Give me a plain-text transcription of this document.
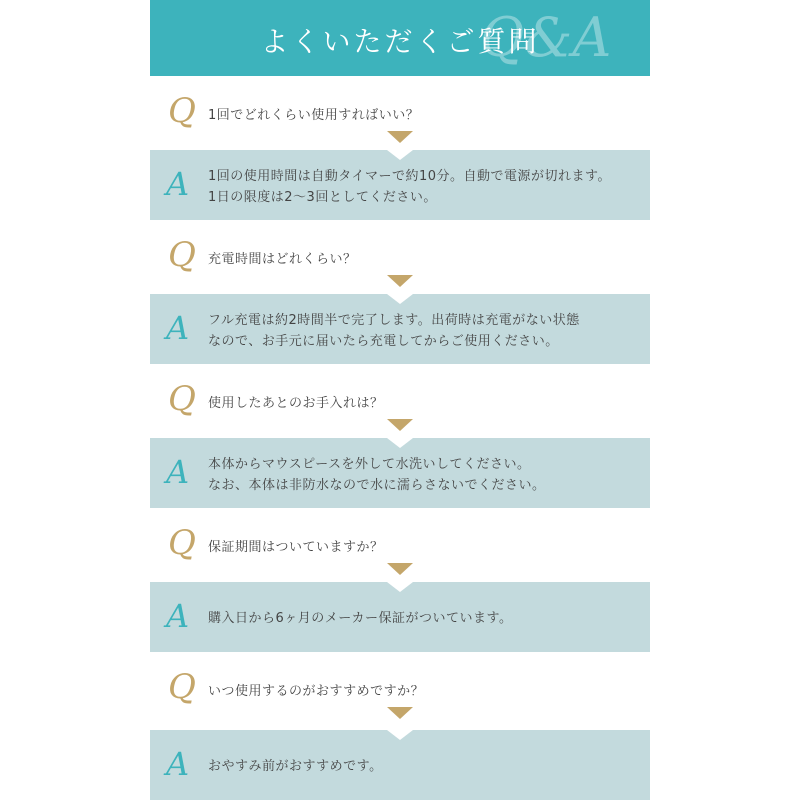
Q&A
よくいただくご質問
Q 1回でどれくらい使用すればいい？
A 1回の使用時間は自動タイマーで約10分。自動で電源が切れます。
1日の限度は2〜3回としてください。
Q 充電時間はどれくらい？
A フル充電は約2時間半で完了します。出荷時は充電がない状態
なので、お手元に届いたら充電してからご使用ください。
Q 使用したあとのお手入れは？
A 本体からマウスピースを外して水洗いしてください。
なお、本体は非防水なので水に濡らさないでください。
Q 保証期間はついていますか？
A 購入日から6ヶ月のメーカー保証がついています。
Q いつ使用するのがおすすめですか？
A おやすみ前がおすすめです。
